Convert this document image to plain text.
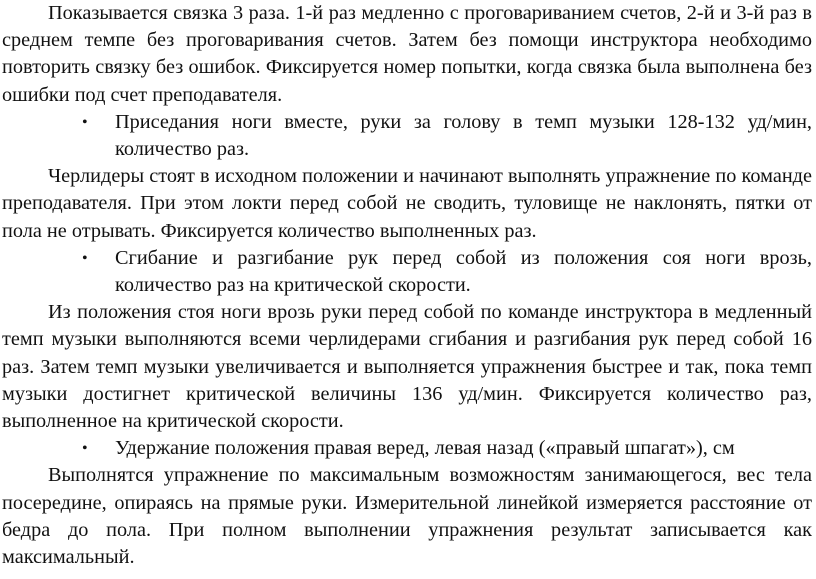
Показывается связка 3 раза. 1-й раз медленно с проговариванием счетов, 2-й и 3-й раз в среднем темпе без проговаривания счетов. Затем без помощи инструктора необходимо повторить связку без ошибок. Фиксируется номер попытки, когда связка была выполнена без ошибки под счет преподавателя.

•	Приседания ноги вместе, руки за голову в темп музыки 128-132 уд/мин, количество раз.

Черлидеры стоят в исходном положении и начинают выполнять упражнение по команде преподавателя. При этом локти перед собой не сводить, туловище не наклонять, пятки от пола не отрывать. Фиксируется количество выполненных раз.

•	Сгибание и разгибание рук перед собой из положения соя ноги врозь, количество раз на критической скорости.

Из положения стоя ноги врозь руки перед собой по команде инструктора в медленный темп музыки выполняются всеми черлидерами сгибания и разгибания рук перед собой 16 раз. Затем темп музыки увеличивается и выполняется упражнения быстрее и так, пока темп музыки достигнет критической величины 136 уд/мин. Фиксируется количество раз, выполненное на критической скорости.

•	Удержание положения правая веред, левая назад («правый шпагат»), см

Выполнятся упражнение по максимальным возможностям занимающегося, вес тела посередине, опираясь на прямые руки. Измерительной линейкой измеряется расстояние от бедра до пола. При полном выполнении упражнения результат записывается как максимальный.
